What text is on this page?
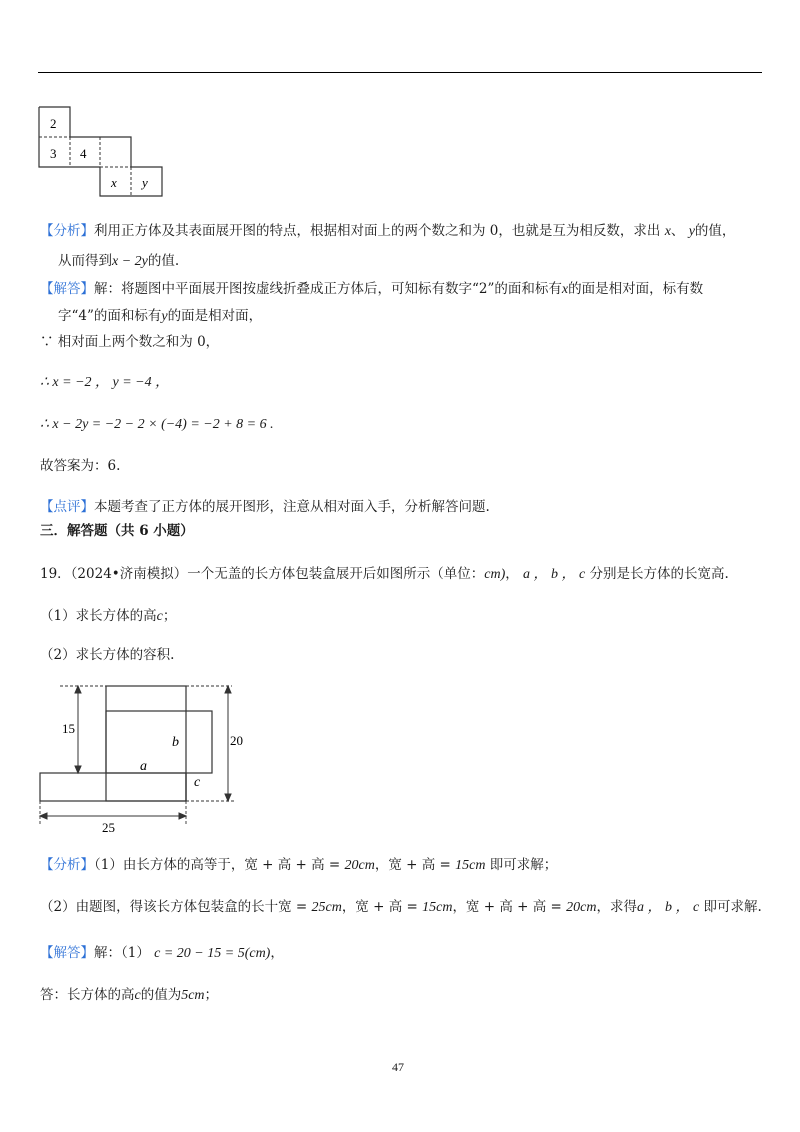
2
3 4
x y
【分析】利用正方体及其表面展开图的特点，根据相对面上的两个数之和为 0，也就是互为相反数，求出 x、 y的值，
从而得到x − 2y的值.
【解答】解：将题图中平面展开图按虚线折叠成正方体后，可知标有数字“2”的面和标有x的面是相对面，标有数
字“4”的面和标有y的面是相对面，
∵ 相对面上两个数之和为 0，
∴ x = −2 ， y = −4 ，
∴ x − 2y = −2 − 2 × (−4) = −2 + 8 = 6 .
故答案为：6.
【点评】本题考查了正方体的展开图形，注意从相对面入手，分析解答问题.
三．解答题（共 6 小题）
19．（2024•济南模拟）一个无盖的长方体包装盒展开后如图所示（单位：cm)， a ， b ， c 分别是长方体的长宽高.
（1）求长方体的高c；
（2）求长方体的容积.
15
20
25
a
b
c
【分析】（1）由长方体的高等于，宽 + 高 + 高 = 20cm，宽 + 高 = 15cm 即可求解；
（2）由题图，得该长方体包装盒的长十宽 = 25cm，宽 + 高 = 15cm，宽 + 高 + 高 = 20cm，求得a ， b ， c 即可求解.
【解答】解：（1） c = 20 − 15 = 5(cm)，
答：长方体的高c的值为5cm；
47
